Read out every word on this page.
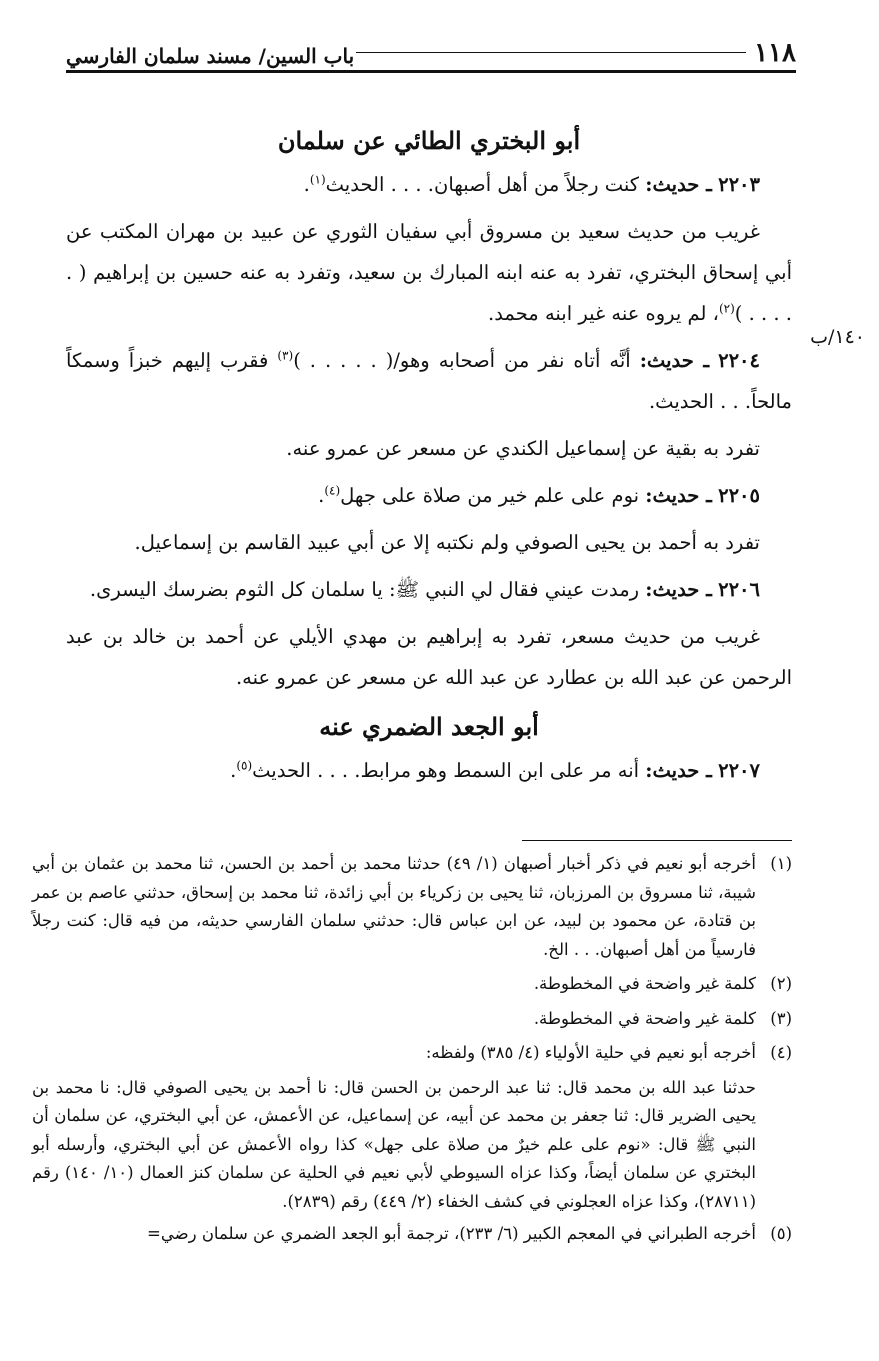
١١٨
باب السين/ مسند سلمان الفارسي
١٤٠/ب
أبو البختري الطائي عن سلمان

٢٢٠٣ ـ حديث: كنت رجلاً من أهل أصبهان. . . . الحديث$^{(١)}$.

غريب من حديث سعيد بن مسروق أبي سفيان الثوري عن عبيد بن مهران المكتب عن أبي إسحاق البختري، تفرد به عنه ابنه المبارك بن سعيد، وتفرد به عنه حسين بن إبراهيم ( . . . . . )$^{(٢)}$، لم يروه عنه غير ابنه محمد.

٢٢٠٤ ـ حديث: أنَّه أتاه نفر من أصحابه وهو/( . . . . . )$^{(٣)}$ فقرب إليهم خبزاً وسمكاً مالحاً. . . الحديث.

تفرد به بقية عن إسماعيل الكندي عن مسعر عن عمرو عنه.

٢٢٠٥ ـ حديث: نوم على علم خير من صلاة على جهل$^{(٤)}$.

تفرد به أحمد بن يحيى الصوفي ولم نكتبه إلا عن أبي عبيد القاسم بن إسماعيل.

٢٢٠٦ ـ حديث: رمدت عيني فقال لي النبي ﷺ: يا سلمان كل الثوم بضرسك اليسرى.

غريب من حديث مسعر، تفرد به إبراهيم بن مهدي الأيلي عن أحمد بن خالد بن عبد الرحمن عن عبد الله بن عطارد عن عبد الله عن مسعر عن عمرو عنه.

أبو الجعد الضمري عنه

٢٢٠٧ ـ حديث: أنه مر على ابن السمط وهو مرابط. . . . الحديث$^{(٥)}$.

(١)
أخرجه أبو نعيم في ذكر أخبار أصبهان (١/ ٤٩) حدثنا محمد بن أحمد بن الحسن، ثنا محمد بن عثمان بن أبي شيبة، ثنا مسروق بن المرزبان، ثنا يحيى بن زكرياء بن أبي زائدة، ثنا محمد بن إسحاق، حدثني عاصم بن عمر بن قتادة، عن محمود بن لبيد، عن ابن عباس قال: حدثني سلمان الفارسي حديثه، من فيه قال: كنت رجلاً فارسياً من أهل أصبهان. . . الخ.
(٢)
كلمة غير واضحة في المخطوطة.
(٣)
كلمة غير واضحة في المخطوطة.
(٤)
أخرجه أبو نعيم في حلية الأولياء (٤/ ٣٨٥) ولفظه:

حدثنا عبد الله بن محمد قال: ثنا عبد الرحمن بن الحسن قال: نا أحمد بن يحيى الصوفي قال: نا محمد بن يحيى الضرير قال: ثنا جعفر بن محمد عن أبيه، عن إسماعيل، عن الأعمش، عن أبي البختري، عن سلمان أن النبي ﷺ قال: «نوم على علم خيرٌ من صلاة على جهل» كذا رواه الأعمش عن أبي البختري، وأرسله أبو البختري عن سلمان أيضاً، وكذا عزاه السيوطي لأبي نعيم في الحلية عن سلمان كنز العمال (١٠/ ١٤٠) رقم (٢٨٧١١)، وكذا عزاه العجلوني في كشف الخفاء (٢/ ٤٤٩) رقم (٢٨٣٩).

(٥)
أخرجه الطبراني في المعجم الكبير (٦/ ٢٣٣)، ترجمة أبو الجعد الضمري عن سلمان رضي=
